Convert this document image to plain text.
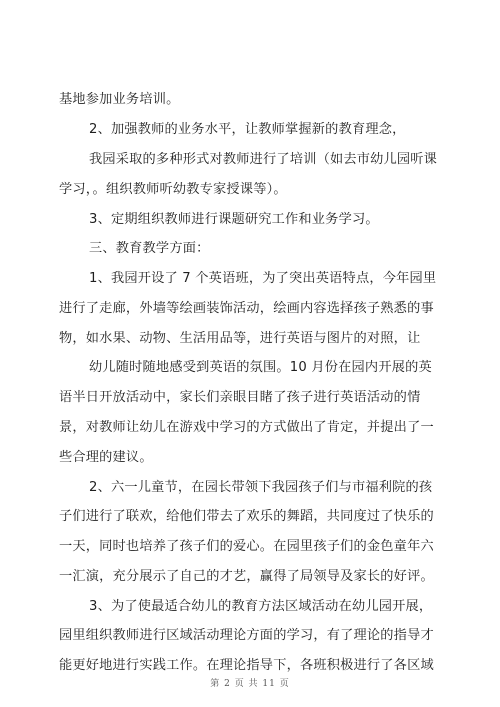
基地参加业务培训。
2、加强教师的业务水平，让教师掌握新的教育理念，
我园采取的多种形式对教师进行了培训（如去市幼儿园听课
学习，。组织教师听幼教专家授课等）。
3、定期组织教师进行课题研究工作和业务学习。
三、教育教学方面：
1、我园开设了 7 个英语班，为了突出英语特点，今年园里
进行了走廊，外墙等绘画装饰活动，绘画内容选择孩子熟悉的事
物，如水果、动物、生活用品等，进行英语与图片的对照，让
幼儿随时随地感受到英语的氛围。10 月份在园内开展的英
语半日开放活动中，家长们亲眼目睹了孩子进行英语活动的情
景，对教师让幼儿在游戏中学习的方式做出了肯定，并提出了一
些合理的建议。
2、六一儿童节，在园长带领下我园孩子们与市福利院的孩
子们进行了联欢，给他们带去了欢乐的舞蹈，共同度过了快乐的
一天，同时也培养了孩子们的爱心。在园里孩子们的金色童年六
一汇演，充分展示了自己的才艺，赢得了局领导及家长的好评。
3、为了使最适合幼儿的教育方法区域活动在幼儿园开展，
园里组织教师进行区域活动理论方面的学习，有了理论的指导才
能更好地进行实践工作。在理论指导下，各班积极进行了各区域
第 2 页 共 11 页
